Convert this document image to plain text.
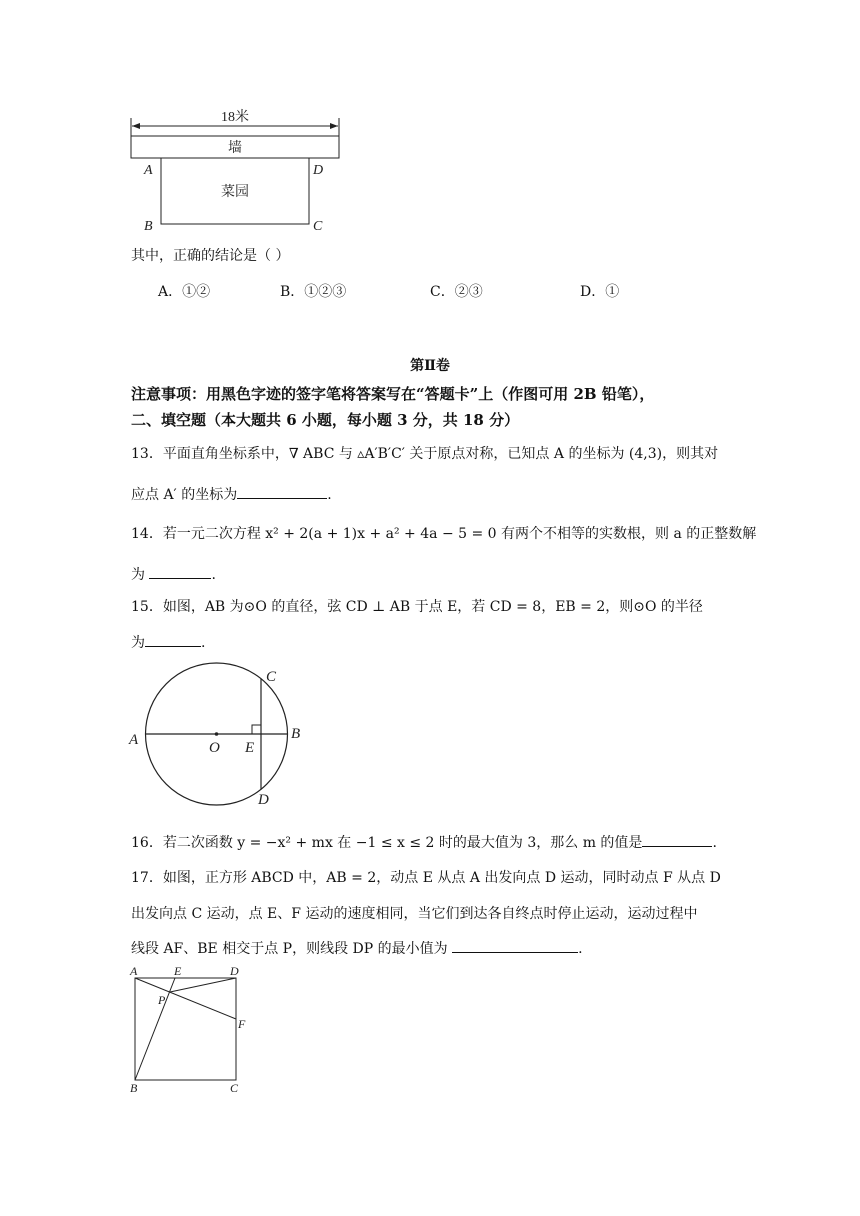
18米
墙
菜园
A	D
B	C
其中，正确的结论是（ ）
A．①②	B．①②③	C．②③	D．①
第Ⅱ卷
注意事项：用黑色字迹的签字笔将答案写在“答题卡”上（作图可用 2B 铅笔），
二、填空题（本大题共 6 小题，每小题 3 分，共 18 分）
13．平面直角坐标系中，∇ ABC 与 ▵A′B′C′ 关于原点对称，已知点 A 的坐标为 (4,3)，则其对
应点 A′ 的坐标为	.
14．若一元二次方程 x² + 2(a + 1)x + a² + 4a − 5 = 0 有两个不相等的实数根，则 a 的正整数解
为	.
15．如图，AB 为⊙O 的直径，弦 CD ⊥ AB 于点 E，若 CD = 8，EB = 2，则⊙O 的半径
为	.
A	B
C
D
E
O
16．若二次函数 y = −x² + mx 在 −1 ≤ x ≤ 2 时的最大值为 3，那么 m 的值是	.
17．如图，正方形 ABCD 中，AB = 2，动点 E 从点 A 出发向点 D 运动，同时动点 F 从点 D
出发向点 C 运动，点 E、F 运动的速度相同，当它们到达各自终点时停止运动，运动过程中
线段 AF、BE 相交于点 P，则线段 DP 的最小值为	.
A	E	D
P
F
B	C
